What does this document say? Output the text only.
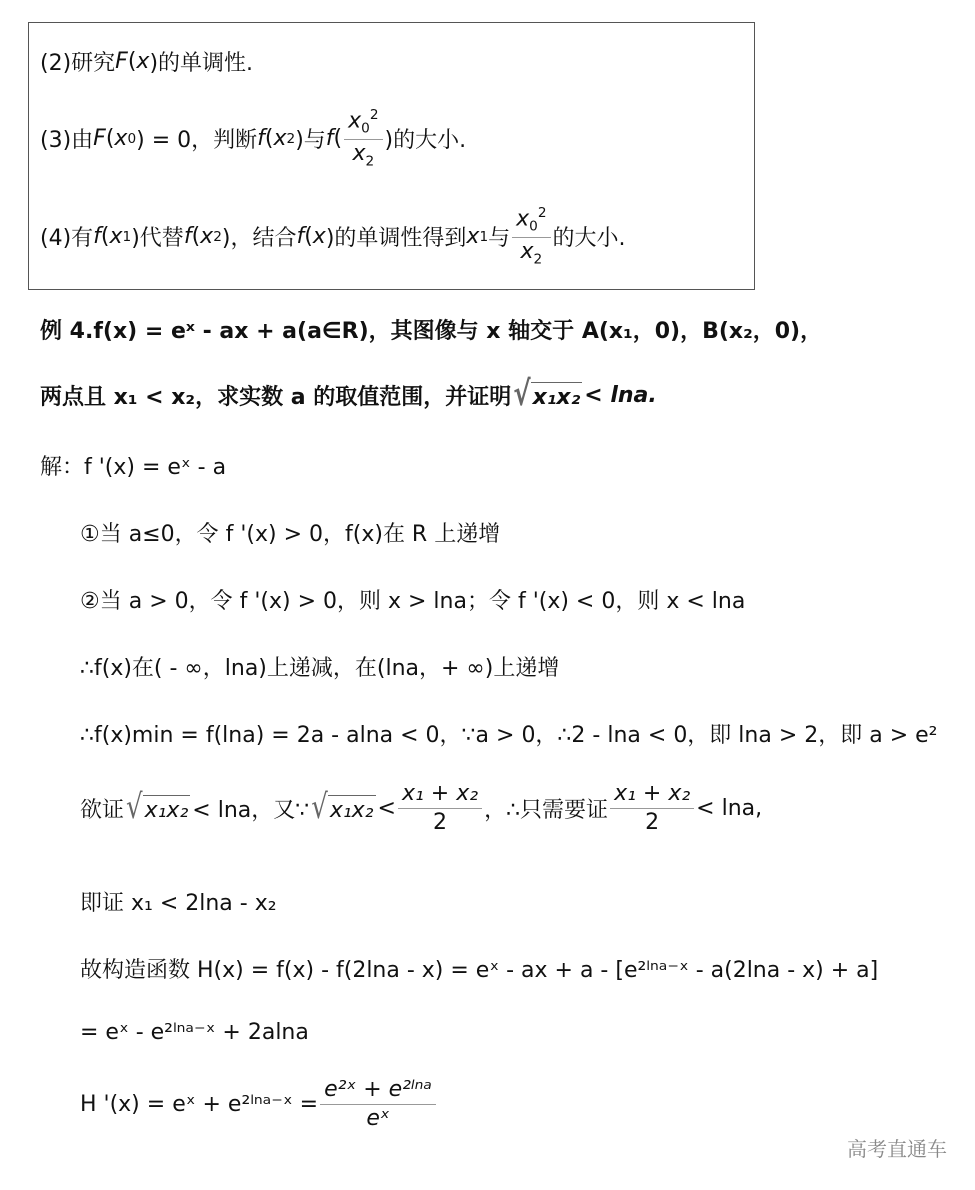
(2)研究 F ( x )的单调性.
(3)由 F ( x 0 ) = 0，判断 f ( x 2 )与 f ( $\frac{x_0^2}{x_2}$ )的大小.
(4)有 f ( x 1 )代替 f ( x 2 )，结合 f ( x )的单调性得到 x 1 与 $\frac{x_0^2}{x_2}$ 的大小.
例 4.f(x) = eˣ - ax + a(a∈R)，其图像与 x 轴交于 A(x₁，0)，B(x₂，0)，
两点且 x₁ < x₂，求实数 a 的取值范围，并证明 √ x₁x₂ < lna.
解：f '(x) = eˣ - a
①当 a≤0，令 f '(x) > 0，f(x)在 R 上递增
②当 a > 0，令 f '(x) > 0，则 x > lna；令 f '(x) < 0，则 x < lna
∴f(x)在( - ∞，lna)上递减，在(lna，+ ∞)上递增
∴f(x)min = f(lna) = 2a - alna < 0，∵a > 0，∴2 - lna < 0，即 lna > 2，即 a > e²
欲证 √ x₁x₂ < lna，又∵ √ $x_1x_2 < \frac{\text{x₁ + x₂}}{2}$ ，∴只需要证 $\frac{\text{x₁ + x₂}}{2} < \ln a$,
即证 x₁ < 2lna - x₂
故构造函数 H(x) = f(x) - f(2lna - x) = eˣ - ax + a - [e²ˡⁿᵃ⁻ˣ - a(2lna - x) + a]
= eˣ - e²ˡⁿᵃ⁻ˣ + 2alna
H '(x) = eˣ + e²ˡⁿᵃ⁻ˣ = $\frac{\text{e²ˣ + e²ˡⁿᵃ}}{\text{eˣ}}$
高考直通车
